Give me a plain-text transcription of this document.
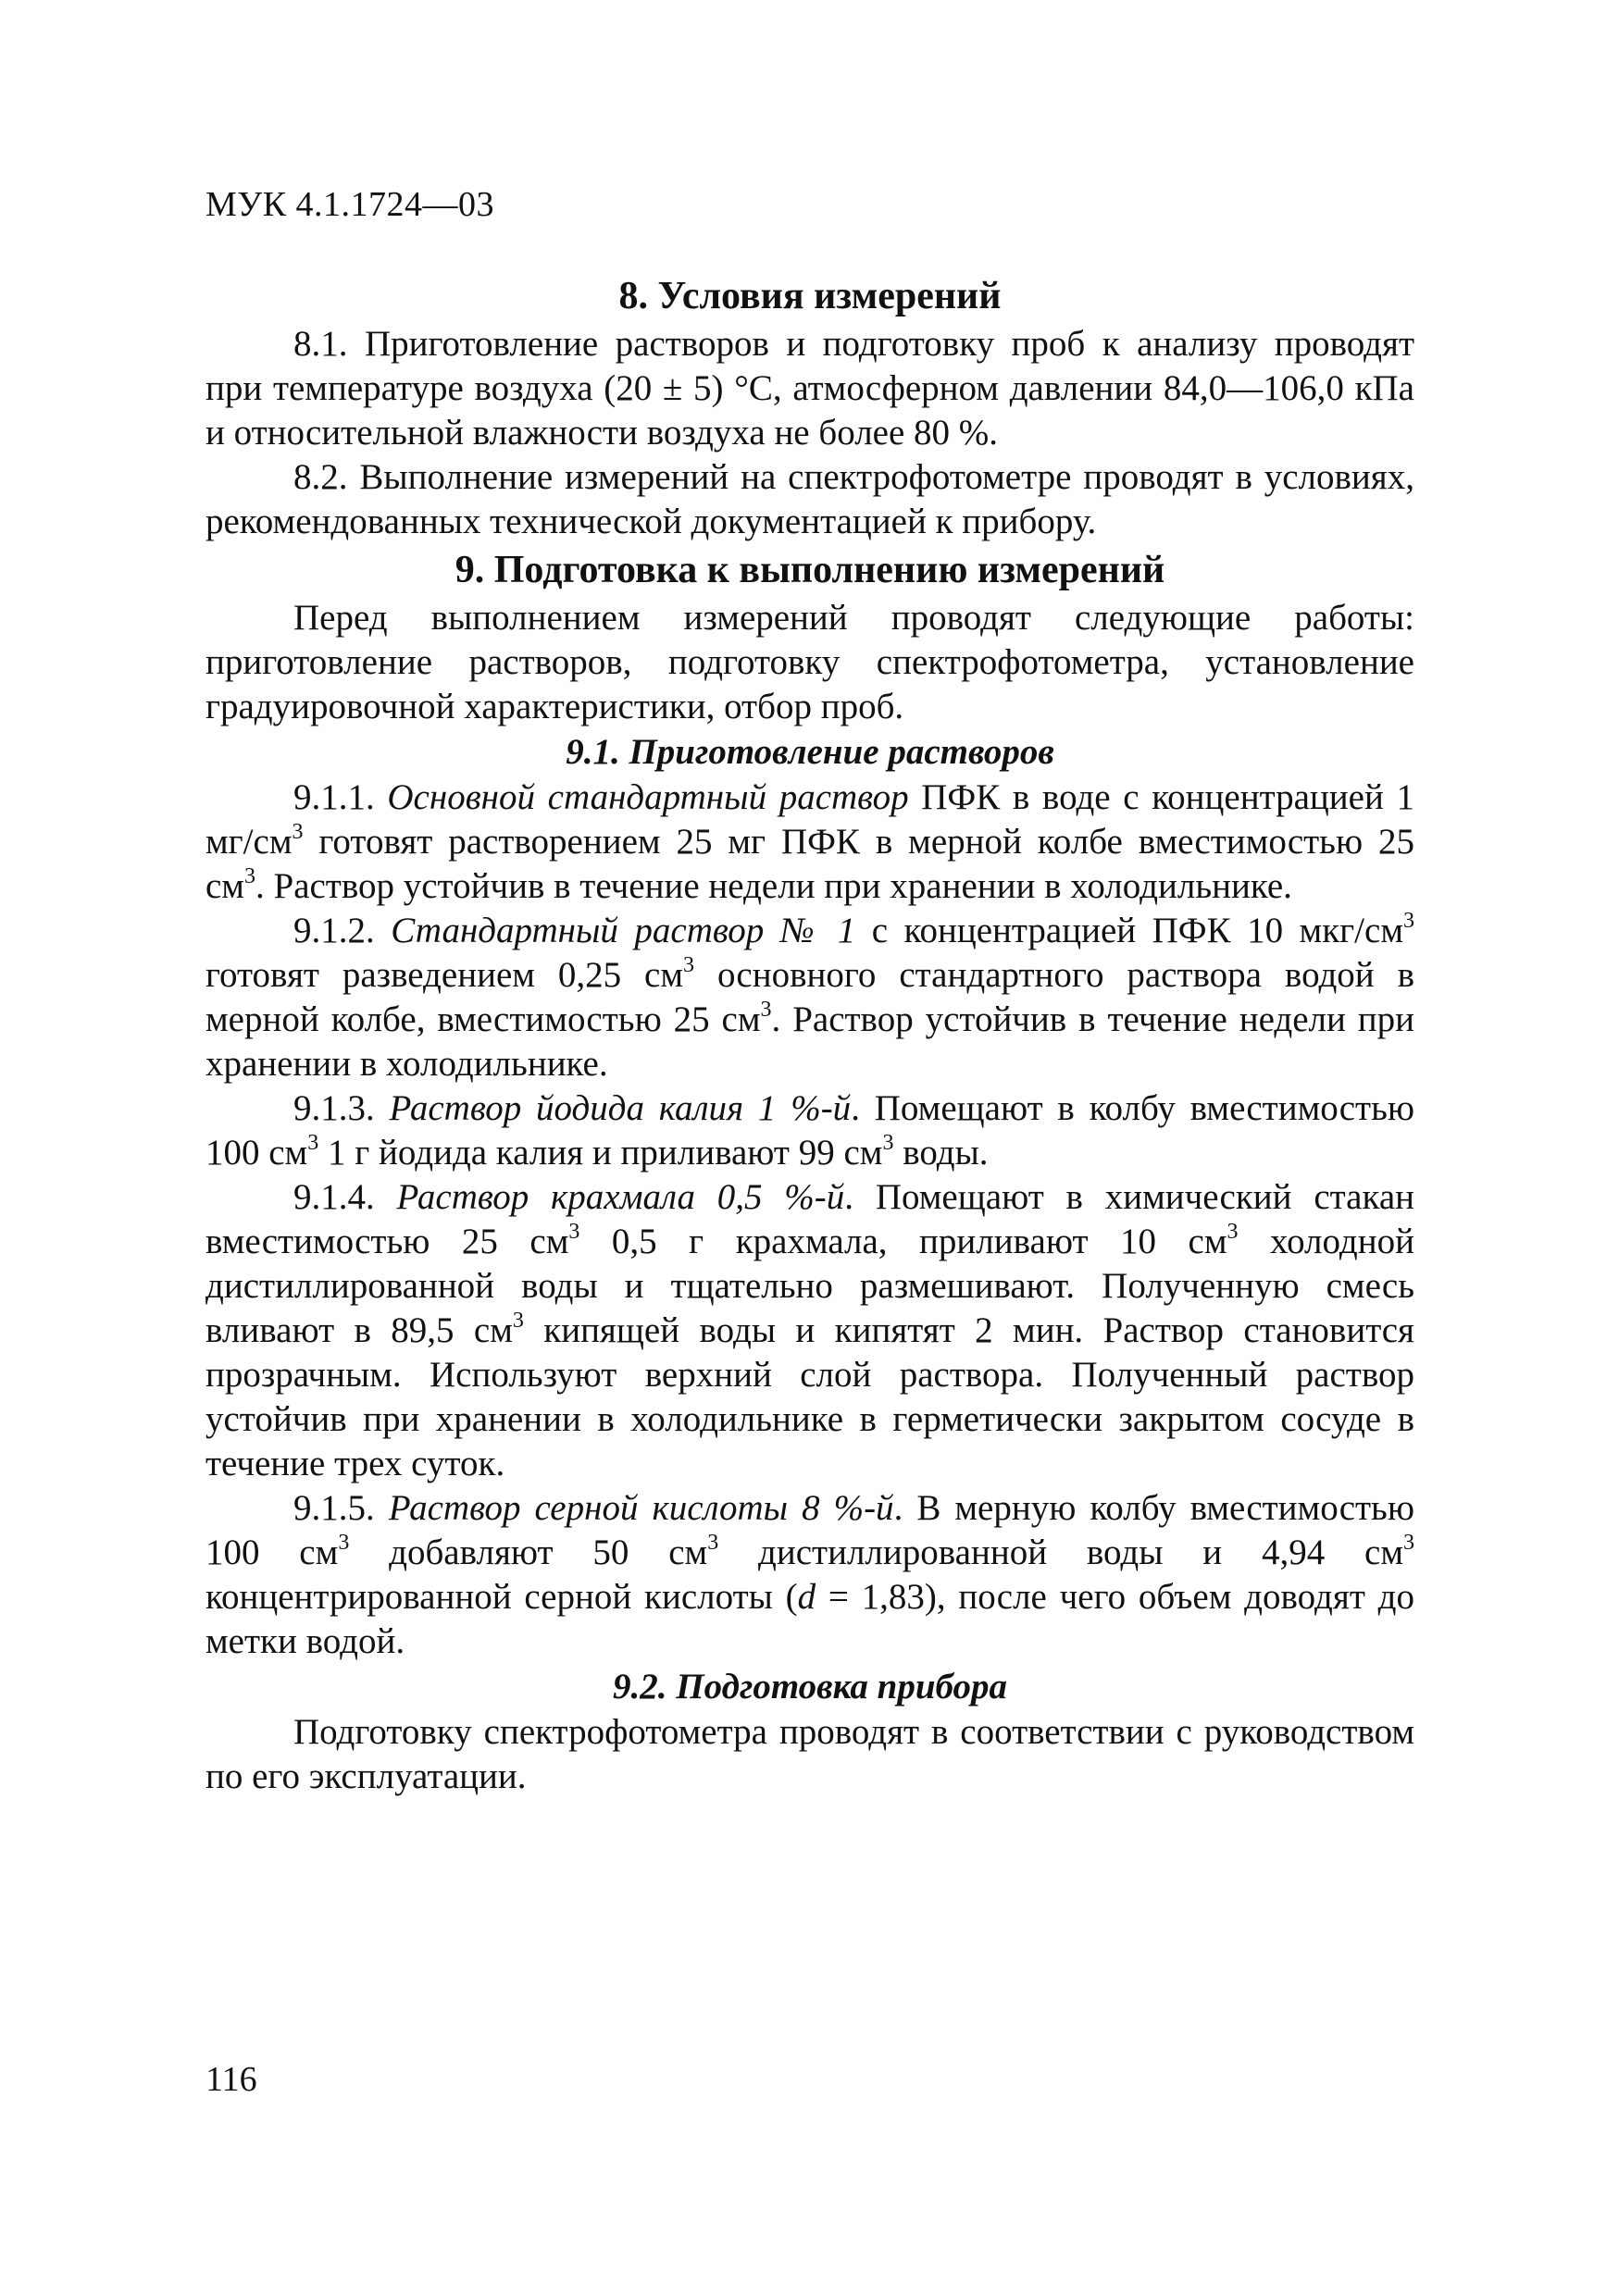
МУК 4.1.1724—03
8. Условия измерений

8.1. Приготовление растворов и подготовку проб к анализу проводят при температуре воздуха (20 ± 5) °С, атмосферном давлении 84,0—106,0 кПа и относительной влажности воздуха не более 80 %.

8.2. Выполнение измерений на спектрофотометре проводят в условиях, рекомендованных технической документацией к прибору.

9. Подготовка к выполнению измерений

Перед выполнением измерений проводят следующие работы: приготовление растворов, подготовку спектрофотометра, установление градуировочной характеристики, отбор проб.

9.1. Приготовление растворов

9.1.1. Основной стандартный раствор ПФК в воде с концентрацией 1 $мг/см^3$ готовят растворением 25 мг ПФК в мерной колбе вместимостью 25 $см^3$. Раствор устойчив в течение недели при хранении в холодильнике.

9.1.2. Стандартный раствор № 1 с концентрацией ПФК 10 мкг/$см^3$ готовят разведением 0,25 $см^3$ основного стандартного раствора водой в мерной колбе, вместимостью 25 $см^3$. Раствор устойчив в течение недели при хранении в холодильнике.

9.1.3. Раствор йодида калия 1 %-й. Помещают в колбу вместимостью 100 $см^3$ 1 г йодида калия и приливают 99 $см^3$ воды.

9.1.4. Раствор крахмала 0,5 %-й. Помещают в химический стакан вместимостью 25 $см^3$ 0,5 г крахмала, приливают 10 $см^3$ холодной дистиллированной воды и тщательно размешивают. Полученную смесь вливают в 89,5 $см^3$ кипящей воды и кипятят 2 мин. Раствор становится прозрачным. Используют верхний слой раствора. Полученный раствор устойчив при хранении в холодильнике в герметически закрытом сосуде в течение трех суток.

9.1.5. Раствор серной кислоты 8 %-й. В мерную колбу вместимостью 100 $см^3$ добавляют 50 $см^3$ дистиллированной воды и 4,94 $см^3$ концентрированной серной кислоты (d = 1,83), после чего объем доводят до метки водой.

9.2. Подготовка прибора

Подготовку спектрофотометра проводят в соответствии с руководством по его эксплуатации.

116
